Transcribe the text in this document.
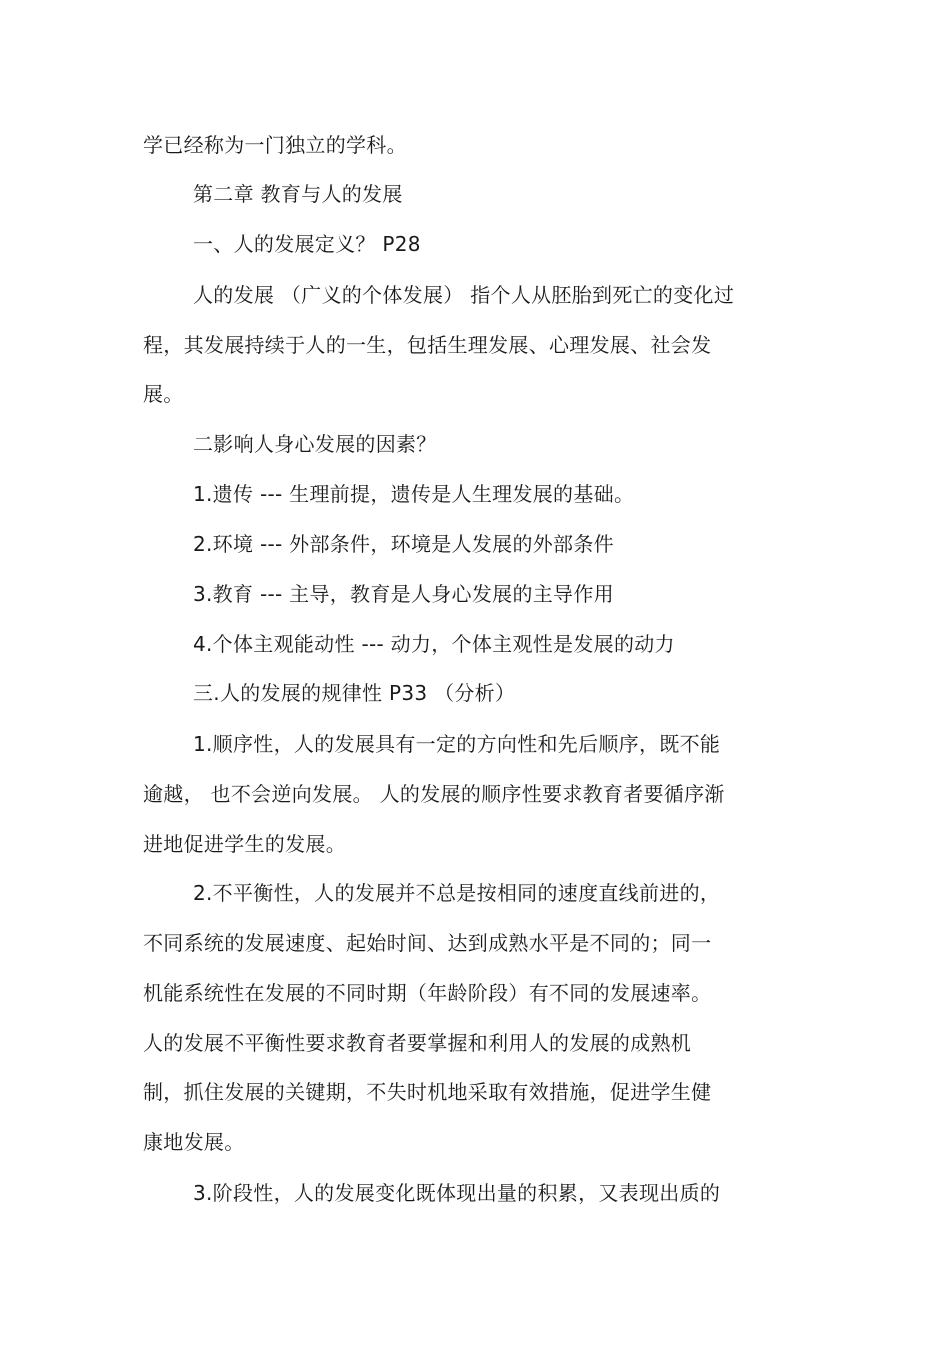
学已经称为一门独立的学科。
第二章 教育与人的发展
一、人的发展定义？ P28
人的发展 （广义的个体发展） 指个人从胚胎到死亡的变化过
程，其发展持续于人的一生，包括生理发展、心理发展、社会发
展。
二影响人身心发展的因素？
1.遗传 --- 生理前提，遗传是人生理发展的基础。
2.环境 --- 外部条件，环境是人发展的外部条件
3.教育 --- 主导，教育是人身心发展的主导作用
4.个体主观能动性 --- 动力，个体主观性是发展的动力
三.人的发展的规律性 P33 （分析）
1.顺序性，人的发展具有一定的方向性和先后顺序，既不能
逾越， 也不会逆向发展。 人的发展的顺序性要求教育者要循序渐
进地促进学生的发展。
2.不平衡性，人的发展并不总是按相同的速度直线前进的，
不同系统的发展速度、起始时间、达到成熟水平是不同的；同一
机能系统性在发展的不同时期（年龄阶段）有不同的发展速率。
人的发展不平衡性要求教育者要掌握和利用人的发展的成熟机
制，抓住发展的关键期，不失时机地采取有效措施，促进学生健
康地发展。
3.阶段性，人的发展变化既体现出量的积累，又表现出质的
